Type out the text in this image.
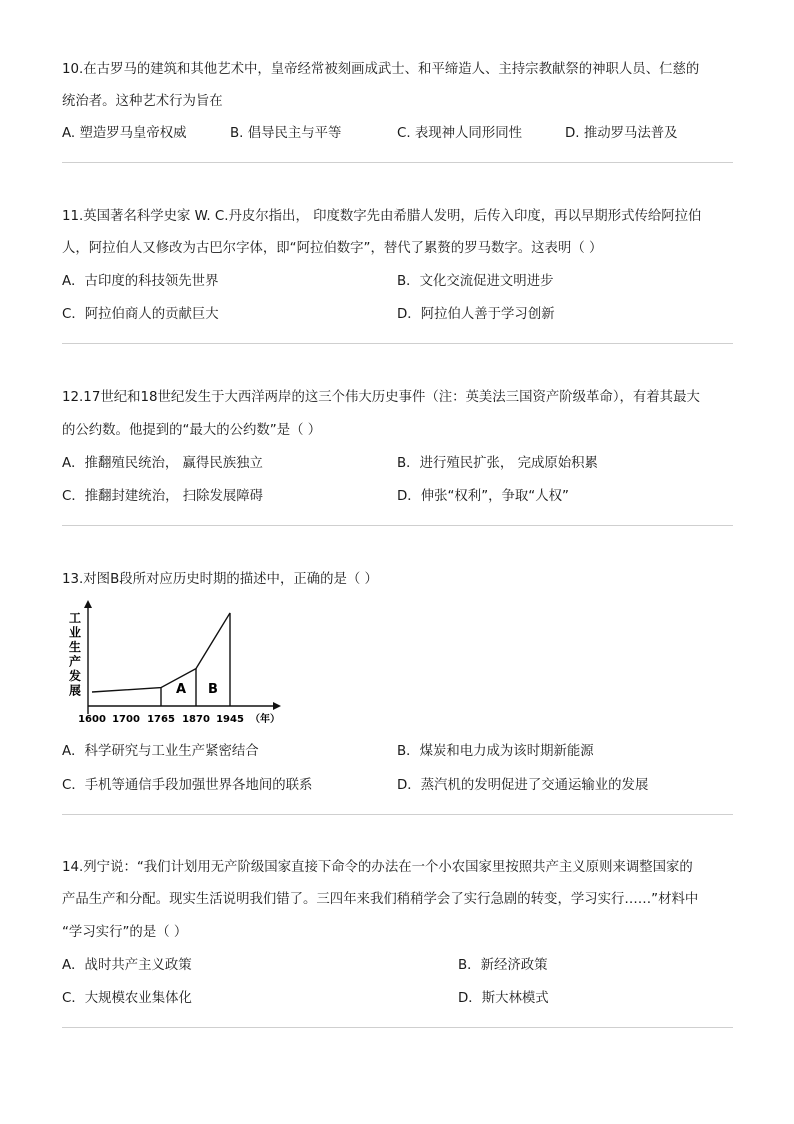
10.在古罗马的建筑和其他艺术中，皇帝经常被刻画成武士、和平缔造人、主持宗教献祭的神职人员、仁慈的
统治者。这种艺术行为旨在
A. 塑造罗马皇帝权威	B. 倡导民主与平等	C. 表现神人同形同性	D. 推动罗马法普及
11.英国著名科学史家 W. C.丹皮尔指出， 印度数字先由希腊人发明，后传入印度，再以早期形式传给阿拉伯
人，阿拉伯人又修改为古巴尔字体，即“阿拉伯数字”，替代了累赘的罗马数字。这表明（ ）
A．古印度的科技领先世界	B．文化交流促进文明进步
C．阿拉伯商人的贡献巨大	D．阿拉伯人善于学习创新
12.17世纪和18世纪发生于大西洋两岸的这三个伟大历史事件（注：英美法三国资产阶级革命），有着其最大
的公约数。他提到的“最大的公约数”是（ ）
A．推翻殖民统治， 赢得民族独立	B．进行殖民扩张， 完成原始积累
C．推翻封建统治， 扫除发展障碍	D．伸张“权利”，争取“人权”
13.对图B段所对应历史时期的描述中，正确的是（ ）
工
业
生
产
发
展	A B
1600 1700 1765 1870 1945 （年）
A．科学研究与工业生产紧密结合	B．煤炭和电力成为该时期新能源
C．手机等通信手段加强世界各地间的联系	D．蒸汽机的发明促进了交通运输业的发展
14.列宁说：“我们计划用无产阶级国家直接下命令的办法在一个小农国家里按照共产主义原则来调整国家的
产品生产和分配。现实生活说明我们错了。三四年来我们稍稍学会了实行急剧的转变，学习实行……”材料中
“学习实行”的是（ ）
A．战时共产主义政策	B．新经济政策
C．大规模农业集体化	D．斯大林模式
